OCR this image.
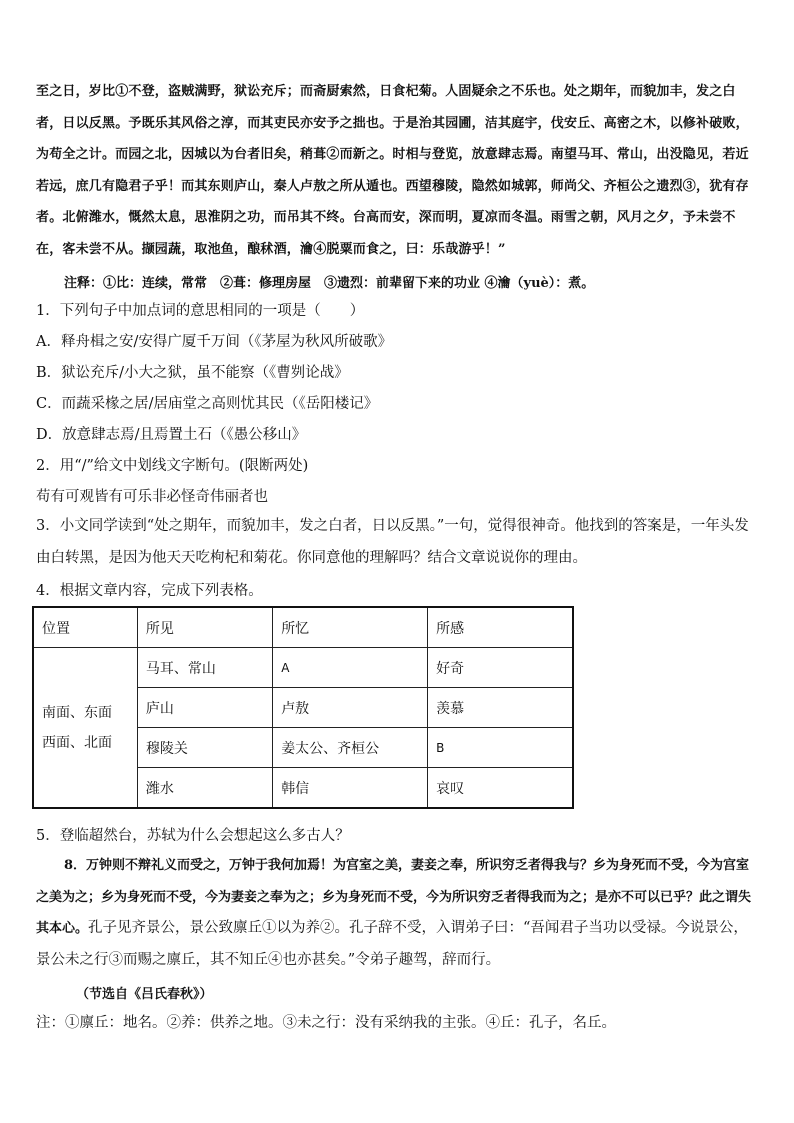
至之日，岁比①不登，盗贼满野，狱讼充斥；而斋厨索然，日食杞菊。人固疑余之不乐也。处之期年，而貌加丰，发之白者，日以反黑。予既乐其风俗之淳，而其吏民亦安予之拙也。于是治其园圃，洁其庭宇，伐安丘、高密之木，以修补破败，为苟全之计。而园之北，因城以为台者旧矣，稍葺②而新之。时相与登览，放意肆志焉。南望马耳、常山，出没隐见，若近若远，庶几有隐君子乎！而其东则庐山，秦人卢敖之所从遁也。西望穆陵，隐然如城郭，师尚父、齐桓公之遗烈③，犹有存者。北俯潍水，慨然太息，思淮阴之功，而吊其不终。台高而安，深而明，夏凉而冬温。雨雪之朝，风月之夕，予未尝不在，客未尝不从。撷园蔬，取池鱼，酿秫酒，瀹④脱粟而食之，曰：乐哉游乎！”

注释：①比：连续，常常　②葺：修理房屋　③遗烈：前辈留下来的功业 ④瀹（yuè）：煮。

1．下列句子中加点词的意思相同的一项是（　　）

A．释舟楫之安/安得广厦千万间（《茅屋为秋风所破歌》

B．狱讼充斥/小大之狱，虽不能察（《曹刿论战》

C．而蔬采椽之居/居庙堂之高则忧其民（《岳阳楼记》

D．放意肆志焉/且焉置土石（《愚公移山》

2．用“/”给文中划线文字断句。(限断两处)

苟有可观皆有可乐非必怪奇伟丽者也

3．小文同学读到“处之期年，而貌加丰，发之白者，日以反黑。”一句，觉得很神奇。他找到的答案是，一年头发由白转黑，是因为他天天吃枸杞和菊花。你同意他的理解吗？结合文章说说你的理由。

4．根据文章内容，完成下列表格。

位置	所见	所忆	所感

南面、东面
西面、北面	马耳、常山	A	好奇
	庐山	卢敖	羡慕
	穆陵关	姜太公、齐桓公	B
	潍水	韩信	哀叹

5．登临超然台，苏轼为什么会想起这么多古人？

8．万钟则不辩礼义而受之，万钟于我何加焉！为宫室之美，妻妾之奉，所识穷乏者得我与？乡为身死而不受，今为宫室之美为之；乡为身死而不受，今为妻妾之奉为之；乡为身死而不受，今为所识穷乏者得我而为之；是亦不可以已乎？此之谓失其本心。孔子见齐景公，景公致廪丘①以为养②。孔子辞不受，入谓弟子曰：“吾闻君子当功以受禄。今说景公，景公未之行③而赐之廪丘，其不知丘④也亦甚矣。”令弟子趣驾，辞而行。

（节选自《吕氏春秋》）

注：①廪丘：地名。②养：供养之地。③未之行：没有采纳我的主张。④丘：孔子，名丘。
